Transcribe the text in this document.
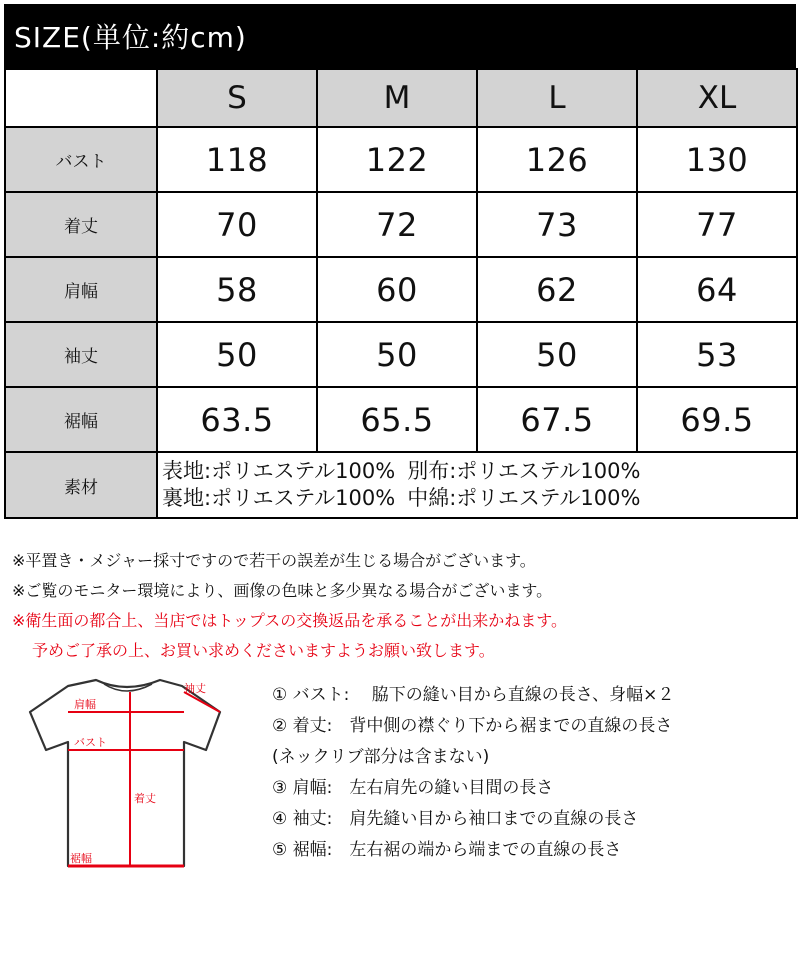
SIZE(単位:約cm)
	S	M	L	XL
バスト	118	122	126	130
着丈	70	72	73	77
肩幅	58	60	62	64
袖丈	50	50	50	53
裾幅	63.5	65.5	67.5	69.5
素材	表地:ポリエステル100% 別布:ポリエステル100%
裏地:ポリエステル100% 中綿:ポリエステル100%			
※平置き・メジャー採寸ですので若干の誤差が生じる場合がございます。
※ご覧のモニター環境により、画像の色味と多少異なる場合がございます。
※衛生面の都合上、当店ではトップスの交換返品を承ることが出来かねます。
予めご了承の上、お買い求めくださいますようお願い致します。
袖丈
肩幅
バスト
着丈
裾幅
① バスト:　 脇下の縫い目から直線の長さ、身幅×２
② 着丈:　背中側の襟ぐり下から裾までの直線の長さ
(ネックリブ部分は含まない)
③ 肩幅:　左右肩先の縫い目間の長さ
④ 袖丈:　肩先縫い目から袖口までの直線の長さ
⑤ 裾幅:　左右裾の端から端までの直線の長さ
